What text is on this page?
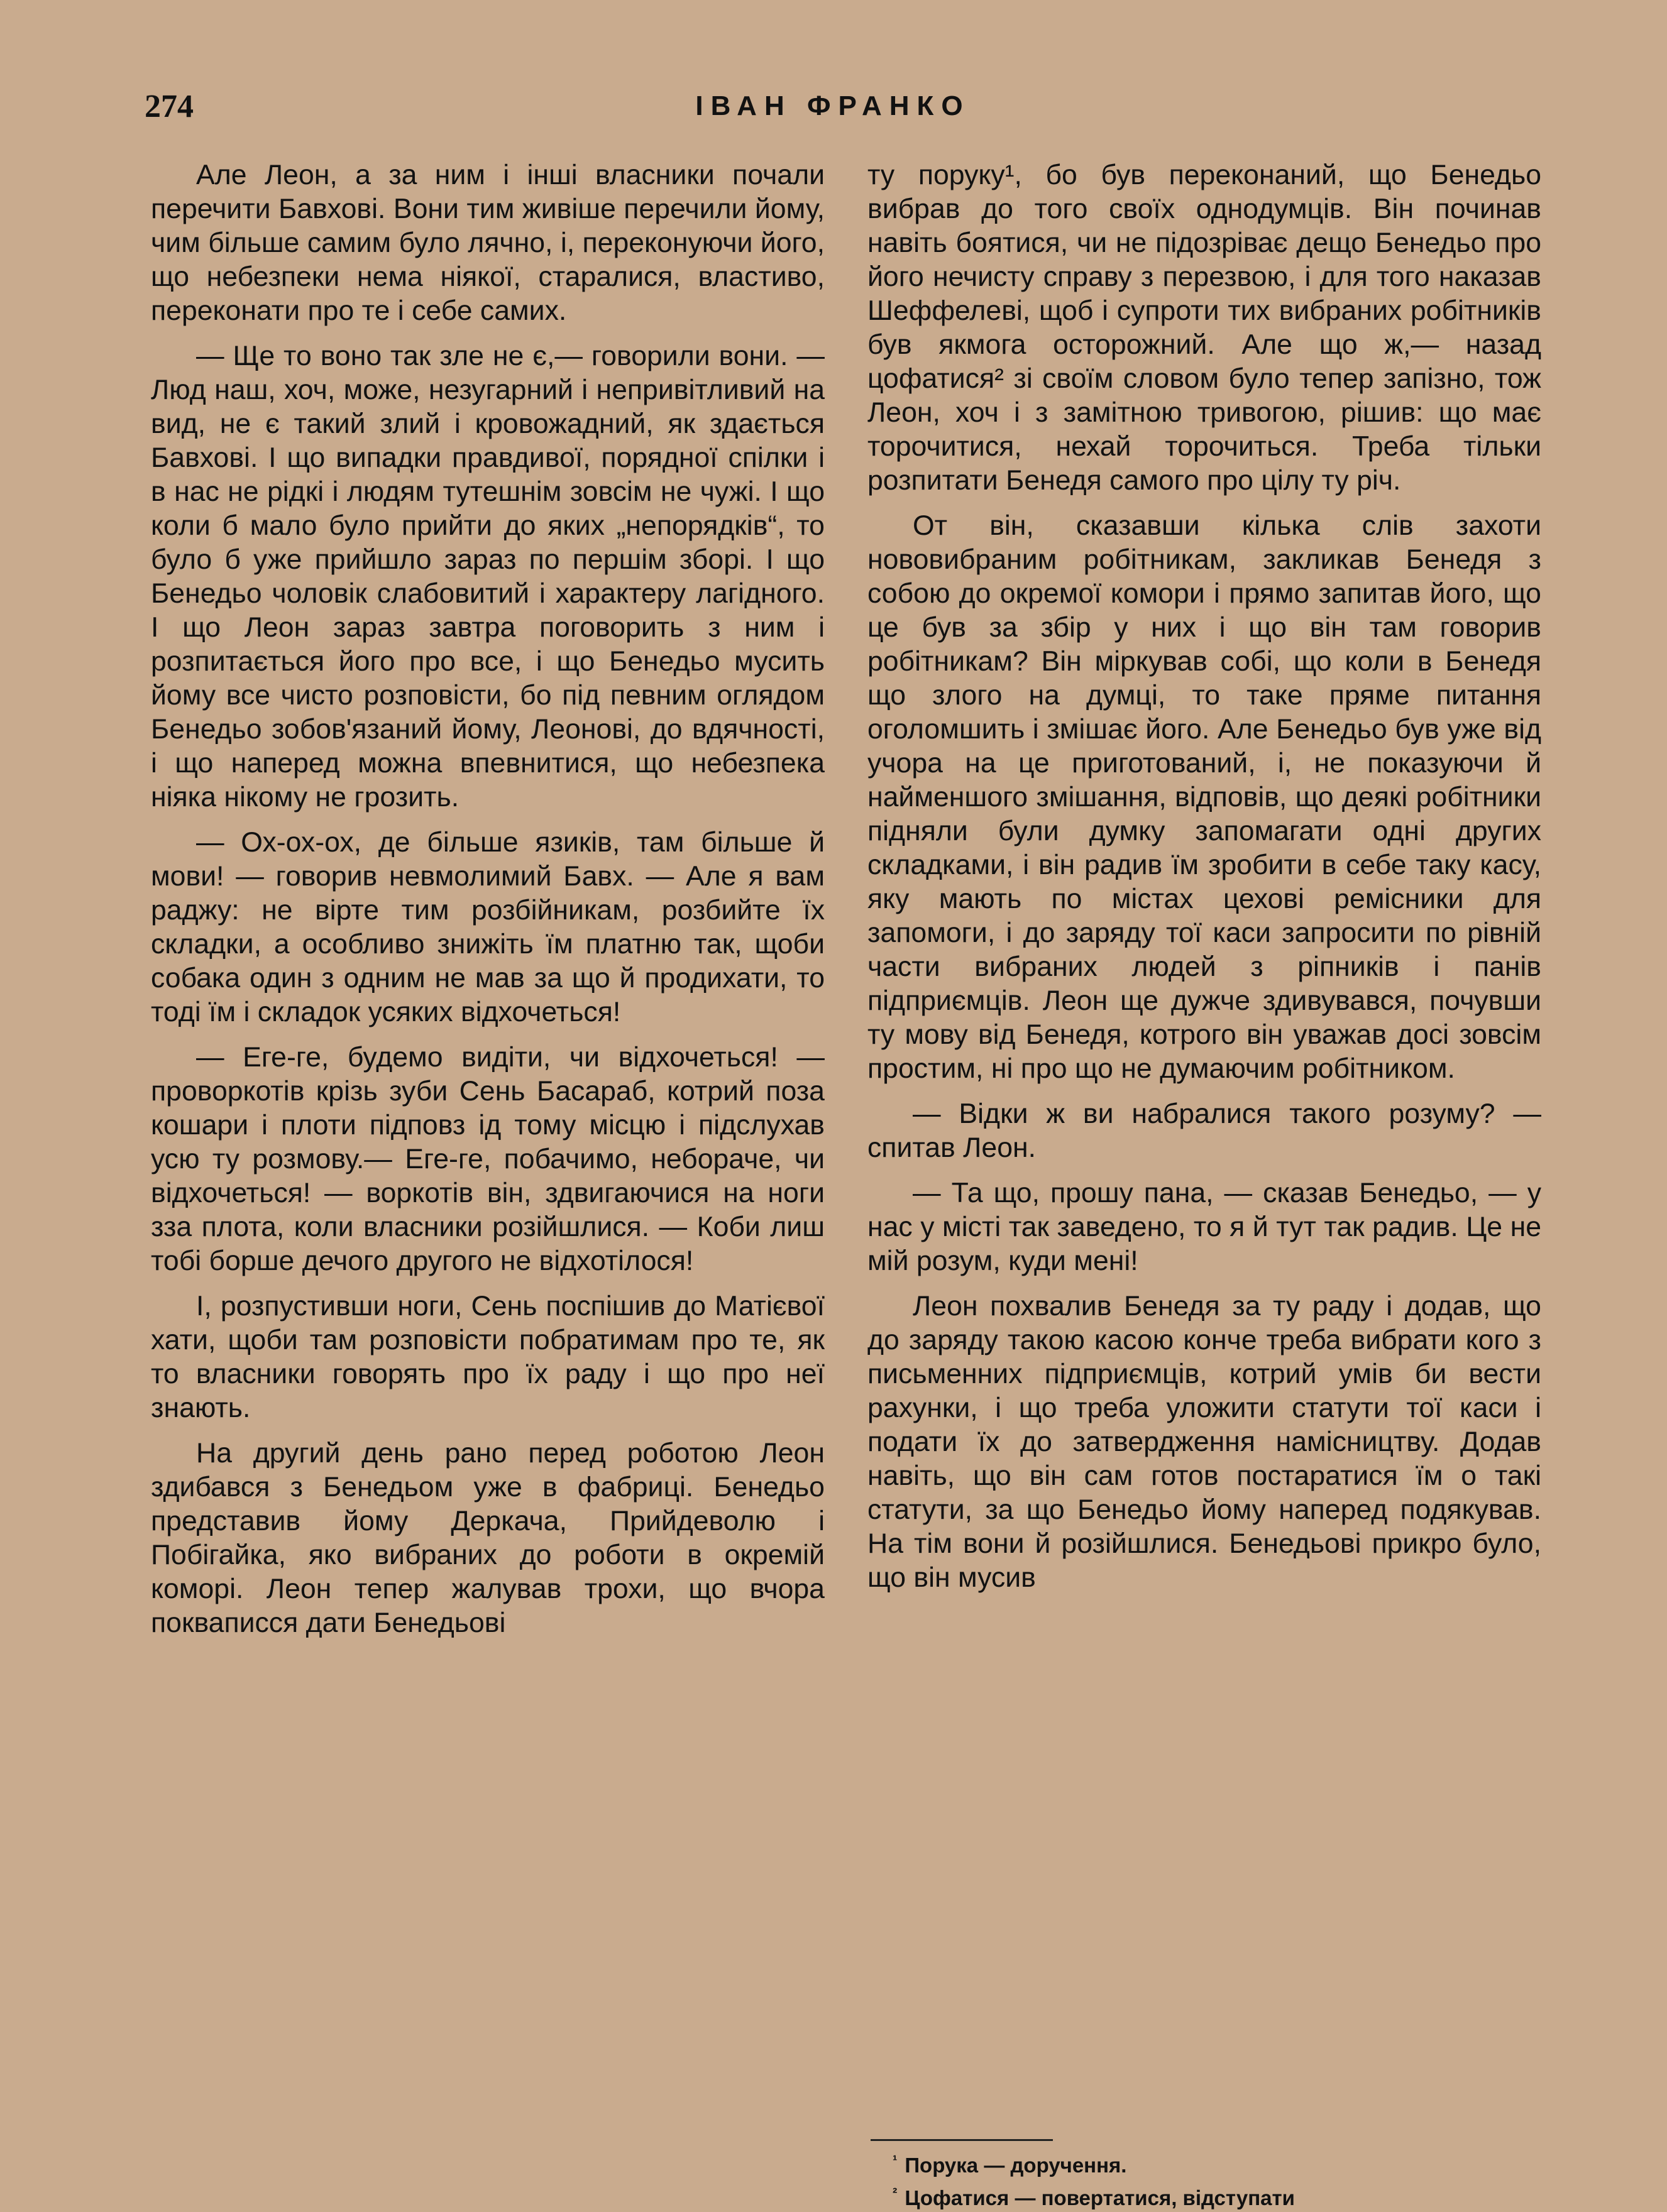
274	ІВАН ФРАНКО

Але Леон, а за ним і інші власники почали перечити Бавхові. Вони тим живіше перечили йому, чим більше самим було лячно, і, переконуючи його, що небезпеки нема ніякої, старалися, властиво, переконати про те і себе самих.

— Ще то воно так зле не є,— говорили вони. — Люд наш, хоч, може, незугарний і непривітливий на вид, не є такий злий і кровожадний, як здається Бавхові. І що випадки правдивої, порядної спілки і в нас не рідкі і людям тутешнім зовсім не чужі. І що коли б мало було прийти до яких „непорядків“, то було б уже прийшло зараз по першім зборі. І що Бенедьо чоловік слабовитий і характеру лагідного. І що Леон зараз завтра поговорить з ним і розпитається його про все, і що Бенедьо мусить йому все чисто розповісти, бо під певним оглядом Бенедьо зобов'язаний йому, Леонові, до вдячності, і що наперед можна впевнитися, що небезпека ніяка нікому не грозить.

— Ох-ох-ох, де більше язиків, там більше й мови! — говорив невмолимий Бавх. — Але я вам раджу: не вірте тим розбійникам, розбийте їх складки, а особливо знижіть їм платню так, щоби собака один з одним не мав за що й продихати, то тоді їм і складок усяких відхочеться!

— Еге-ге, будемо видіти, чи відхочеться! — проворкотів крізь зуби Сень Басараб, котрий поза кошари і плоти підповз ід тому місцю і підслухав усю ту розмову.— Еге-ге, побачимо, неборачe, чи відхочеться! — воркотів він, здвигаючися на ноги зза плота, коли власники розійшлися. — Коби лиш тобі борше дечого другого не відхотілося!

І, розпустивши ноги, Сень поспішив до Матієвої хати, щоби там розповісти побратимам про те, як то власники говорять про їх раду і що про неї знають.

На другий день рано перед роботою Леон здибався з Бенедьом уже в фабриці. Бенедьо представив йому Деркача, Прийдеволю і Побігайка, яко вибраних до роботи в окремій коморі. Леон тепер жалував трохи, що вчора покваписся дати Бенедьові

ту поруку¹, бо був переконаний, що Бенедьо вибрав до того своїх однодумців. Він починав навіть боятися, чи не підозріває дещо Бенедьо про його нечисту справу з перезвою, і для того наказав Шеффелеві, щоб і супроти тих вибраних робітників був якмога осторожний. Але що ж,— назад цофатися² зі своїм словом було тепер запізно, тож Леон, хоч і з замітною тривогою, рішив: що має торочитися, нехай торочиться. Треба тільки розпитати Бенедя самого про цілу ту річ.

От він, сказавши кілька слів захоти нововибраним робітникам, закликав Бенедя з собою до окремої комори і прямо запитав його, що це був за збір у них і що він там говорив робітникам? Він міркував собі, що коли в Бенедя що злого на думці, то таке пряме питання оголомшить і змішає його. Але Бенедьо був уже від учора на це приготований, і, не показуючи й найменшого змішання, відповів, що деякі робітники підняли були думку запомагати одні других складками, і він радив їм зробити в себе таку касу, яку мають по містах цехові ремісники для запомоги, і до заряду тої каси запросити по рівній части вибраних людей з ріпників і панів підприємців. Леон ще дужче здивувався, почувши ту мову від Бенедя, котрого він уважав досі зовсім простим, ні про що не думаючим робітником.

— Відки ж ви набралися такого розуму? — спитав Леон.

— Та що, прошу пана, — сказав Бенедьо, — у нас у місті так заведено, то я й тут так радив. Це не мій розум, куди мені!

Леон похвалив Бенедя за ту раду і додав, що до заряду такою касою конче треба вибрати кого з письменних підприємців, котрий умів би вести рахунки, і що треба уложити статути тої каси і подати їх до затвердження намісництву. Додав навіть, що він сам готов постаратися їм о такі статути, за що Бенедьо йому наперед подякував. На тім вони й розійшлися. Бенедьові прикро було, що він мусив

$^{^1}$ Порука — доручення.
$^{^2}$ Цофатися — повертатися, відступати
